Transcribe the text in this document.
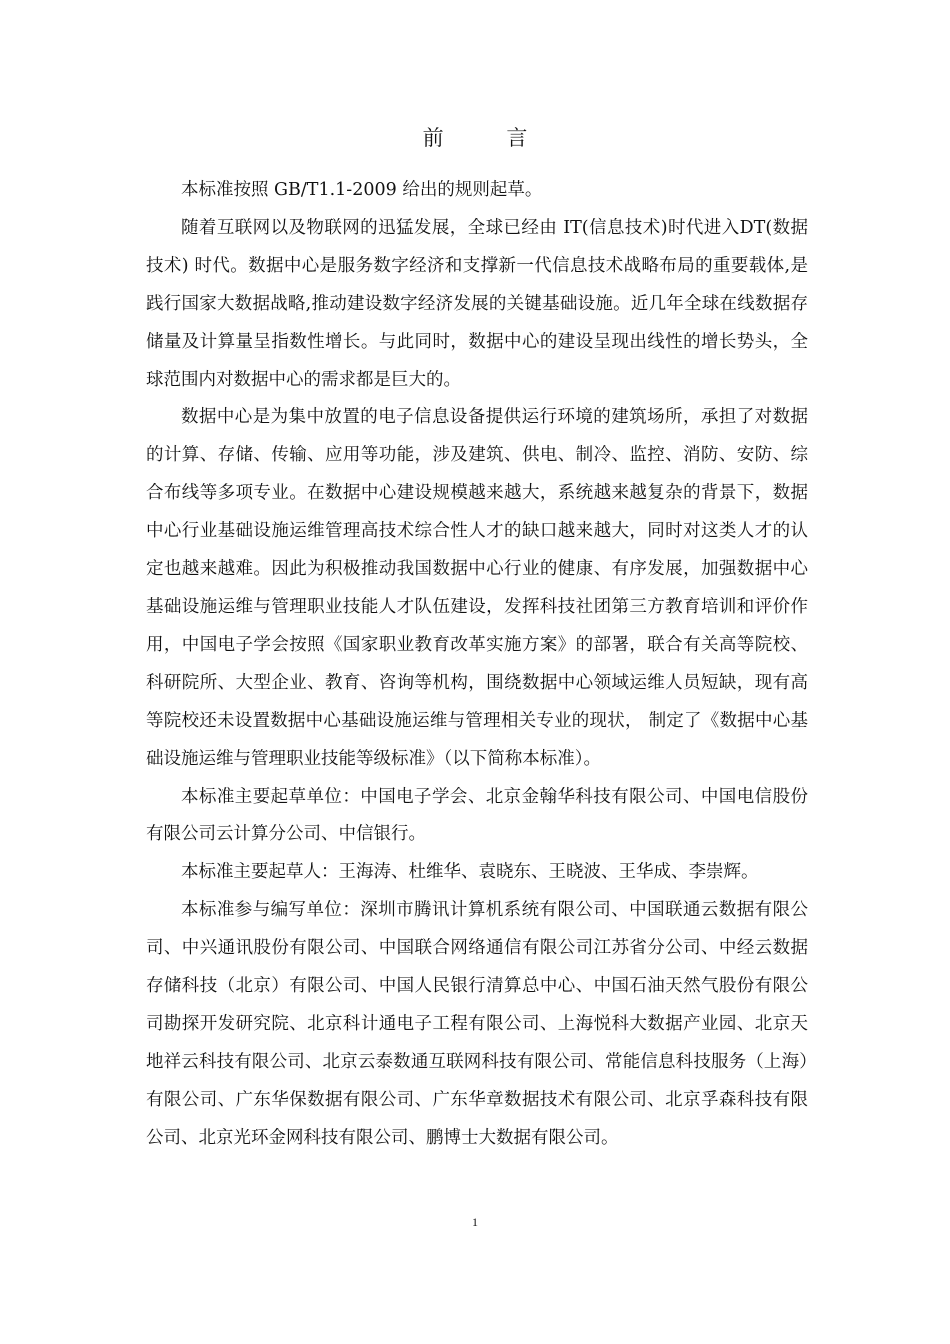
前 言

本标准按照 GB/T1.1-2009 给出的规则起草。

随着互联网以及物联网的迅猛发展，全球已经由 IT(信息技术)时代进入DT(数据技术) 时代。数据中心是服务数字经济和支撑新一代信息技术战略布局的重要载体,是践行国家大数据战略,推动建设数字经济发展的关键基础设施。近几年全球在线数据存储量及计算量呈指数性增长。与此同时，数据中心的建设呈现出线性的增长势头，全球范围内对数据中心的需求都是巨大的。

数据中心是为集中放置的电子信息设备提供运行环境的建筑场所，承担了对数据的计算、存储、传输、应用等功能，涉及建筑、供电、制冷、监控、消防、安防、综合布线等多项专业。在数据中心建设规模越来越大，系统越来越复杂的背景下，数据中心行业基础设施运维管理高技术综合性人才的缺口越来越大，同时对这类人才的认定也越来越难。因此为积极推动我国数据中心行业的健康、有序发展，加强数据中心基础设施运维与管理职业技能人才队伍建设，发挥科技社团第三方教育培训和评价作用，中国电子学会按照《国家职业教育改革实施方案》的部署，联合有关高等院校、科研院所、大型企业、教育、咨询等机构，围绕数据中心领域运维人员短缺，现有高等院校还未设置数据中心基础设施运维与管理相关专业的现状， 制定了《数据中心基础设施运维与管理职业技能等级标准》（以下简称本标准）。

本标准主要起草单位：中国电子学会、北京金翰华科技有限公司、中国电信股份有限公司云计算分公司、中信银行。

本标准主要起草人：王海涛、杜维华、袁晓东、王晓波、王华成、李崇辉。

本标准参与编写单位：深圳市腾讯计算机系统有限公司、中国联通云数据有限公司、中兴通讯股份有限公司、中国联合网络通信有限公司江苏省分公司、中经云数据存储科技（北京）有限公司、中国人民银行清算总中心、中国石油天然气股份有限公司勘探开发研究院、北京科计通电子工程有限公司、上海悦科大数据产业园、北京天地祥云科技有限公司、北京云泰数通互联网科技有限公司、常能信息科技服务（上海）有限公司、广东华保数据有限公司、广东华章数据技术有限公司、北京孚森科技有限公司、北京光环金网科技有限公司、鹏博士大数据有限公司。

1
